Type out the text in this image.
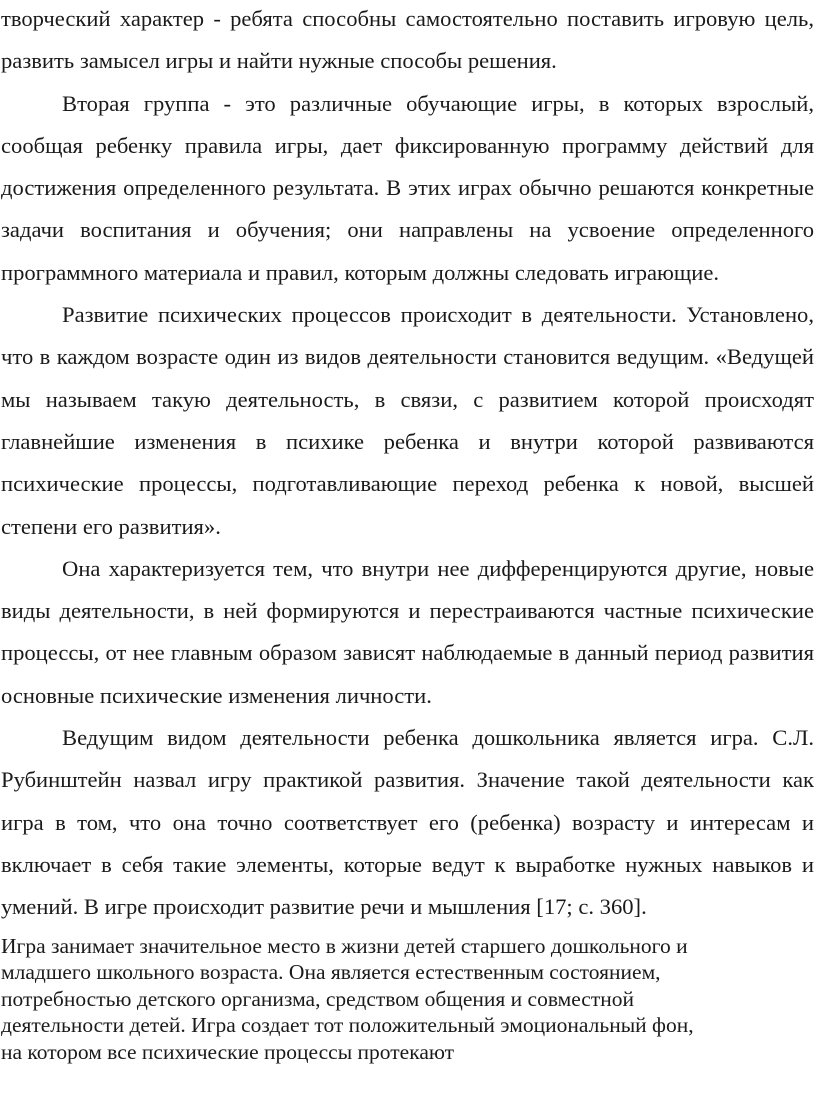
творческий характер - ребята способны самостоятельно поставить игровую цель, развить замысел игры и найти нужные способы решения.

Вторая группа - это различные обучающие игры, в которых взрослый, сообщая ребенку правила игры, дает фиксированную программу действий для достижения определенного результата. В этих играх обычно решаются конкретные задачи воспитания и обучения; они направлены на усвоение определенного программного материала и правил, которым должны следовать играющие.

Развитие психических процессов происходит в деятельности. Установлено, что в каждом возрасте один из видов деятельности становится ведущим. «Ведущей мы называем такую деятельность, в связи, с развитием которой происходят главнейшие изменения в психике ребенка и внутри которой развиваются психические процессы, подготавливающие переход ребенка к новой, высшей степени его развития».

Она характеризуется тем, что внутри нее дифференцируются другие, новые виды деятельности, в ней формируются и перестраиваются частные психические процессы, от нее главным образом зависят наблюдаемые в данный период развития основные психические изменения личности.

Ведущим видом деятельности ребенка дошкольника является игра. С.Л. Рубинштейн назвал игру практикой развития. Значение такой деятельности как игра в том, что она точно соответствует его (ребенка) возрасту и интересам и включает в себя такие элементы, которые ведут к выработке нужных навыков и умений. В игре происходит развитие речи и мышления [17; с. 360].

Игра занимает значительное место в жизни детей старшего дошкольного и
младшего школьного возраста. Она является естественным состоянием,
потребностью детского организма, средством общения и совместной
деятельности детей. Игра создает тот положительный эмоциональный фон,
на котором все психические процессы протекают
